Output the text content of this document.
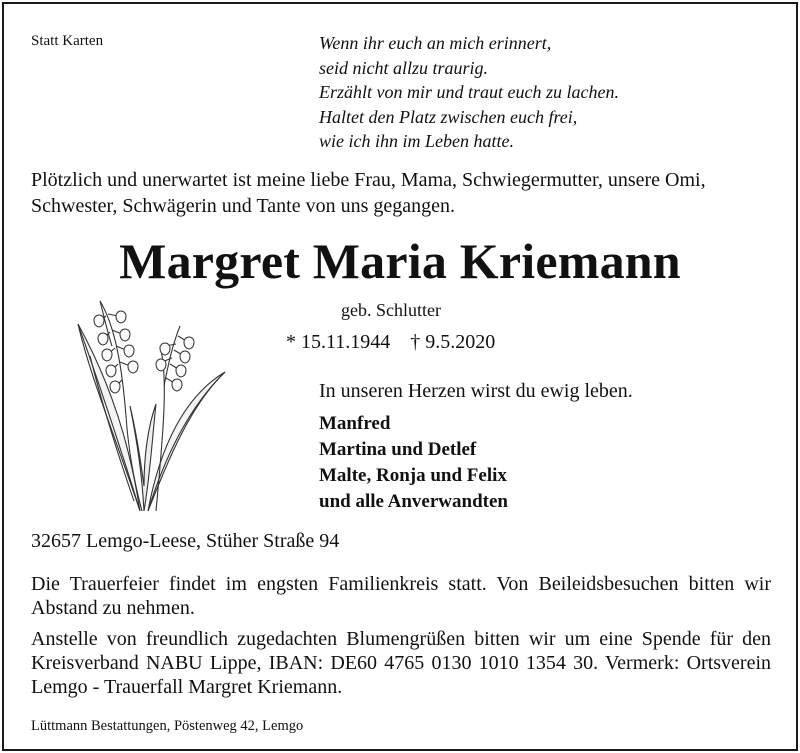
Statt Karten	Wenn ihr euch an mich erinnert,
seid nicht allzu traurig.
Erzählt von mir und traut euch zu lachen.
Haltet den Platz zwischen euch frei,
wie ich ihn im Leben hatte.
Plötzlich und unerwartet ist meine liebe Frau, Mama, Schwiegermutter, unsere Omi, Schwester, Schwägerin und Tante von uns gegangen.
Margret Maria Kriemann
geb. Schlutter
* 15.11.1944 † 9.5.2020
In unseren Herzen wirst du ewig leben.
Manfred
Martina und Detlef
Malte, Ronja und Felix
und alle Anverwandten
32657 Lemgo-Leese, Stüher Straße 94
Die Trauerfeier findet im engsten Familienkreis statt. Von Beileidsbesuchen bitten wir Abstand zu nehmen.
Anstelle von freundlich zugedachten Blumengrüßen bitten wir um eine Spende für den Kreisverband NABU Lippe, IBAN: DE60 4765 0130 1010 1354 30. Vermerk: Ortsverein Lemgo - Trauerfall Margret Kriemann.
Lüttmann Bestattungen, Pöstenweg 42, Lemgo
